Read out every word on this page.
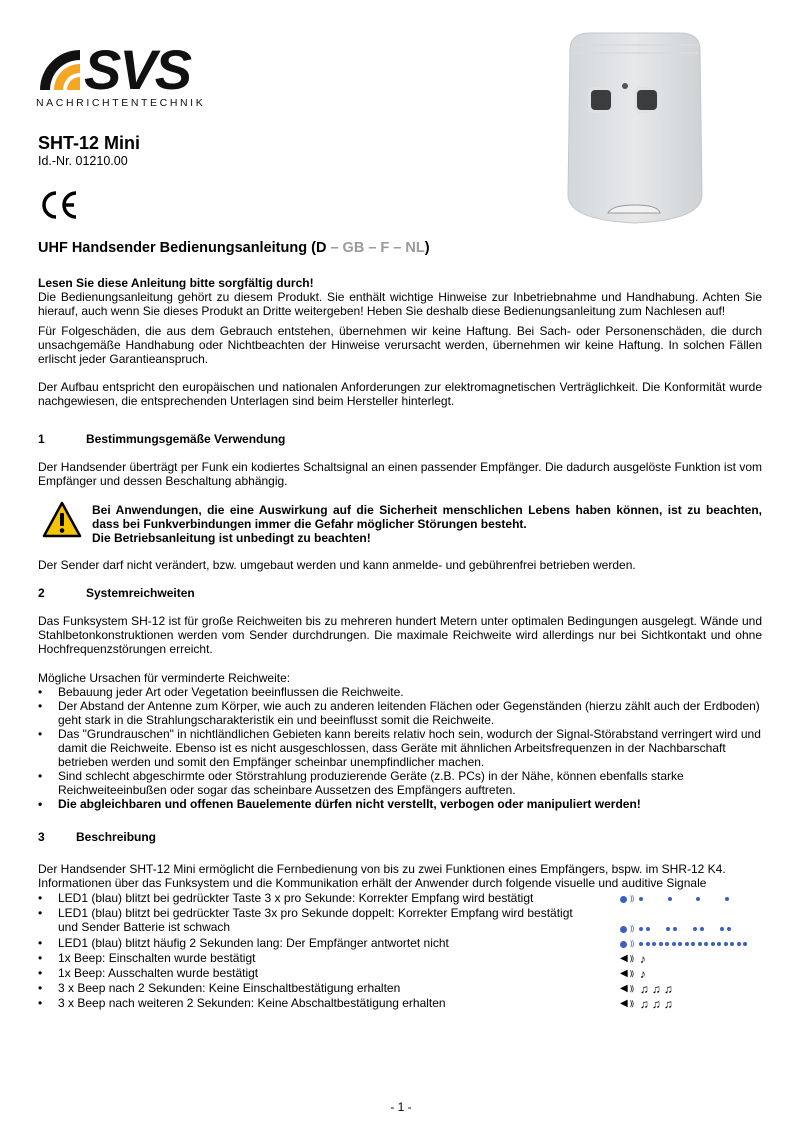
SVS
NACHRICHTENTECHNIK
SHT-12 Mini
Id.-Nr. 01210.00
UHF Handsender Bedienungsanleitung (D – GB – F – NL)
Lesen Sie diese Anleitung bitte sorgfältig durch!
Die Bedienungsanleitung gehört zu diesem Produkt. Sie enthält wichtige Hinweise zur Inbetriebnahme und Handhabung. Achten Sie hierauf, auch wenn Sie dieses Produkt an Dritte weitergeben! Heben Sie deshalb diese Bedienungsanleitung zum Nachlesen auf!
Für Folgeschäden, die aus dem Gebrauch entstehen, übernehmen wir keine Haftung. Bei Sach- oder Personenschäden, die durch unsachgemäße Handhabung oder Nichtbeachten der Hinweise verursacht werden, übernehmen wir keine Haftung. In solchen Fällen erlischt jeder Garantieanspruch.
Der Aufbau entspricht den europäischen und nationalen Anforderungen zur elektromagnetischen Verträglichkeit. Die Konformität wurde nachgewiesen, die entsprechenden Unterlagen sind beim Hersteller hinterlegt.
1	Bestimmungsgemäße Verwendung
Der Handsender überträgt per Funk ein kodiertes Schaltsignal an einen passender Empfänger. Die dadurch ausgelöste Funktion ist vom Empfänger und dessen Beschaltung abhängig.
Bei Anwendungen, die eine Auswirkung auf die Sicherheit menschlichen Lebens haben können, ist zu beachten, dass bei Funkverbindungen immer die Gefahr möglicher Störungen besteht.
Die Betriebsanleitung ist unbedingt zu beachten!
Der Sender darf nicht verändert, bzw. umgebaut werden und kann anmelde- und gebührenfrei betrieben werden.
2	Systemreichweiten
Das Funksystem SH-12 ist für große Reichweiten bis zu mehreren hundert Metern unter optimalen Bedingungen ausgelegt. Wände und Stahlbetonkonstruktionen werden vom Sender durchdrungen. Die maximale Reichweite wird allerdings nur bei Sichtkontakt und ohne Hochfrequenzstörungen erreicht.
Mögliche Ursachen für verminderte Reichweite:
• Bebauung jeder Art oder Vegetation beeinflussen die Reichweite.
• Der Abstand der Antenne zum Körper, wie auch zu anderen leitenden Flächen oder Gegenständen (hierzu zählt auch der Erdboden) geht stark in die Strahlungscharakteristik ein und beeinflusst somit die Reichweite.
• Das "Grundrauschen" in nichtländlichen Gebieten kann bereits relativ hoch sein, wodurch der Signal-Störabstand verringert wird und damit die Reichweite. Ebenso ist es nicht ausgeschlossen, dass Geräte mit ähnlichen Arbeitsfrequenzen in der Nachbarschaft betrieben werden und somit den Empfänger scheinbar unempfindlicher machen.
• Sind schlecht abgeschirmte oder Störstrahlung produzierende Geräte (z.B. PCs) in der Nähe, können ebenfalls starke Reichweiteeinbußen oder sogar das scheinbare Aussetzen des Empfängers auftreten.
• Die abgleichbaren und offenen Bauelemente dürfen nicht verstellt, verbogen oder manipuliert werden!
3	Beschreibung
Der Handsender SHT-12 Mini ermöglicht die Fernbedienung von bis zu zwei Funktionen eines Empfängers, bspw. im SHR-12 K4. Informationen über das Funksystem und die Kommunikation erhält der Anwender durch folgende visuelle und auditive Signale
• LED1 (blau) blitzt bei gedrückter Taste 3 x pro Sekunde: Korrekter Empfang wird bestätigt	⸩
• LED1 (blau) blitzt bei gedrückter Taste 3x pro Sekunde doppelt: Korrekter Empfang wird bestätigt
und Sender Batterie ist schwach	⸩
• LED1 (blau) blitzt häufig 2 Sekunden lang: Der Empfänger antwortet nicht	⸩
• 1x Beep: Einschalten wurde bestätigt	◀ ⸩ ♪
• 1x Beep: Ausschalten wurde bestätigt	◀ ⸩ ♪
• 3 x Beep nach 2 Sekunden: Keine Einschaltbestätigung erhalten	◀ ⸩ ♫♫♫
• 3 x Beep nach weiteren 2 Sekunden: Keine Abschaltbestätigung erhalten	◀ ⸩ ♫♫♫
- 1 -
